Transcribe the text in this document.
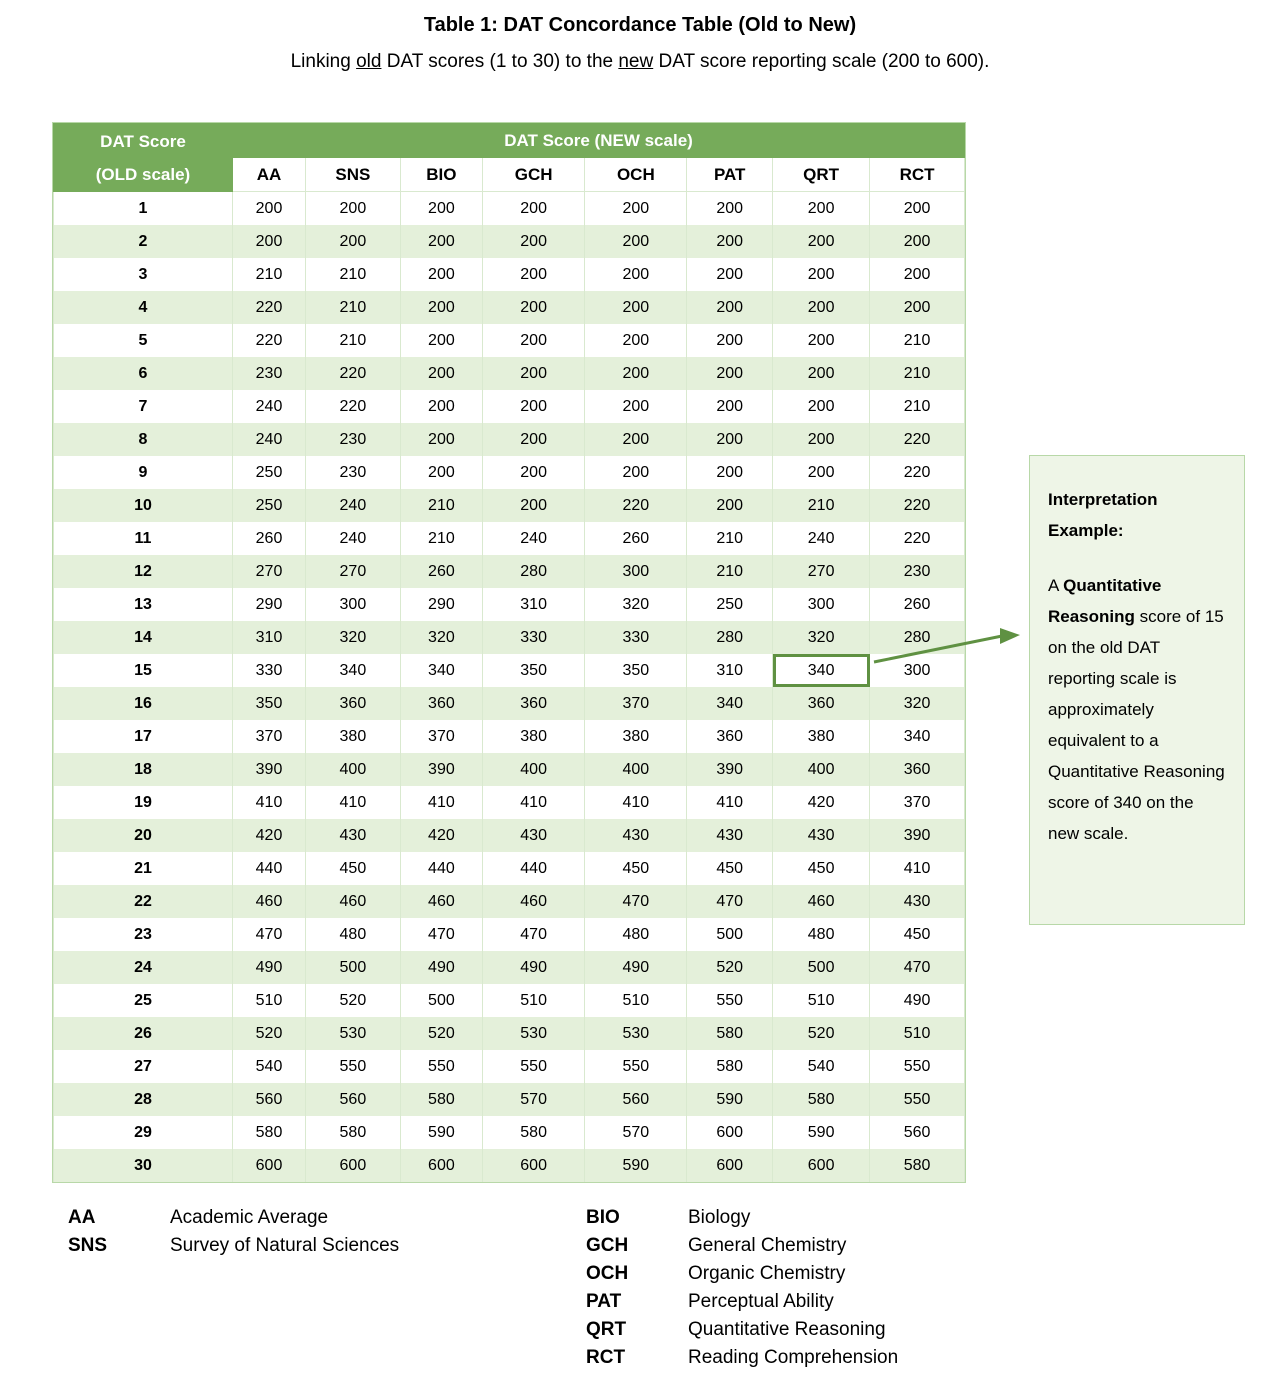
Table 1: DAT Concordance Table (Old to New)
Linking old DAT scores (1 to 30) to the new DAT score reporting scale (200 to 600).
DAT Score
(OLD scale)	DAT Score (NEW scale)							
	AA	SNS	BIO	GCH	OCH	PAT	QRT	RCT
1	200	200	200	200	200	200	200	200
2	200	200	200	200	200	200	200	200
3	210	210	200	200	200	200	200	200
4	220	210	200	200	200	200	200	200
5	220	210	200	200	200	200	200	210
6	230	220	200	200	200	200	200	210
7	240	220	200	200	200	200	200	210
8	240	230	200	200	200	200	200	220
9	250	230	200	200	200	200	200	220
10	250	240	210	200	220	200	210	220
11	260	240	210	240	260	210	240	220
12	270	270	260	280	300	210	270	230
13	290	300	290	310	320	250	300	260
14	310	320	320	330	330	280	320	280
15	330	340	340	350	350	310	340	300
16	350	360	360	360	370	340	360	320
17	370	380	370	380	380	360	380	340
18	390	400	390	400	400	390	400	360
19	410	410	410	410	410	410	420	370
20	420	430	420	430	430	430	430	390
21	440	450	440	440	450	450	450	410
22	460	460	460	460	470	470	460	430
23	470	480	470	470	480	500	480	450
24	490	500	490	490	490	520	500	470
25	510	520	500	510	510	550	510	490
26	520	530	520	530	530	580	520	510
27	540	550	550	550	550	580	540	550
28	560	560	580	570	560	590	580	550
29	580	580	590	580	570	600	590	560
30	600	600	600	600	590	600	600	580
Interpretation Example:
A Quantitative Reasoning score of 15 on the old DAT reporting scale is approximately equivalent to a Quantitative Reasoning score of 340 on the new scale.
AA	Academic Average
SNS	Survey of Natural Sciences
BIO	Biology
GCH	General Chemistry
OCH	Organic Chemistry
PAT	Perceptual Ability
QRT	Quantitative Reasoning
RCT	Reading Comprehension
